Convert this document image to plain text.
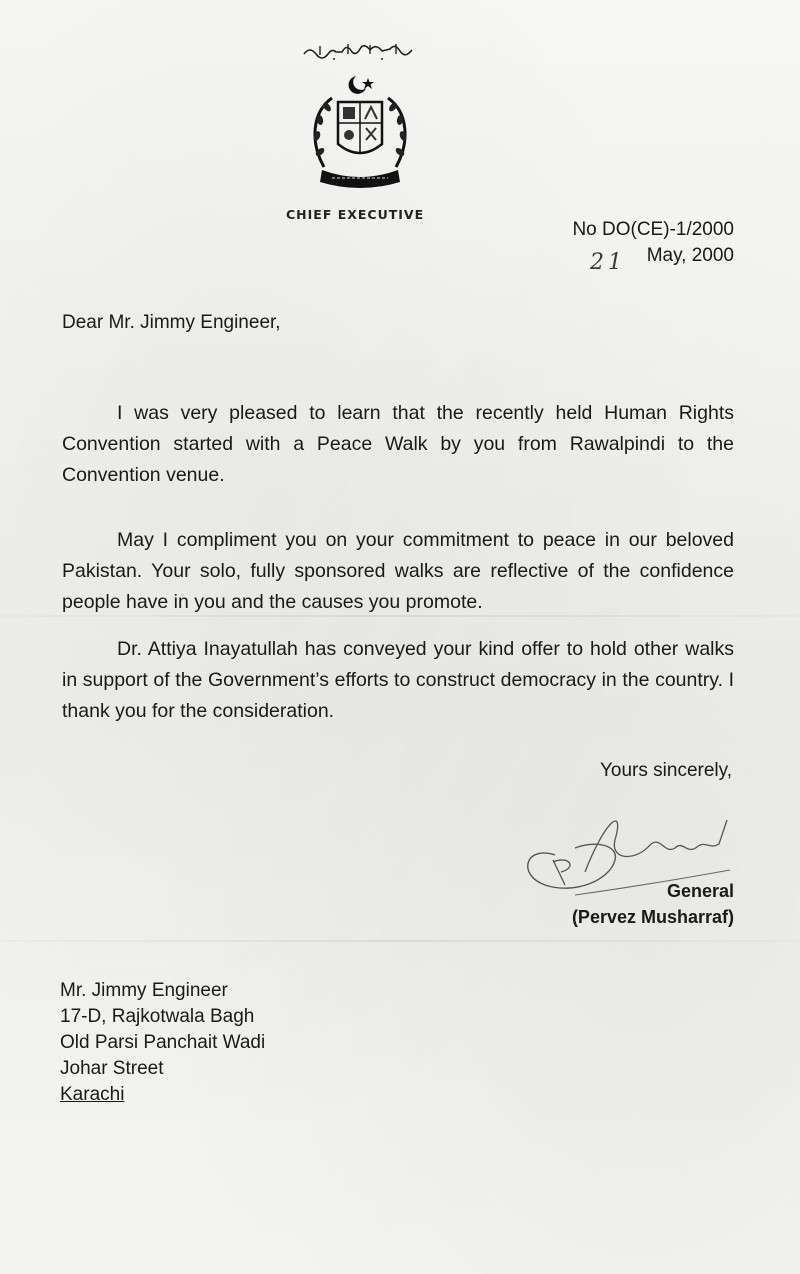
CHIEF EXECUTIVE
No DO(CE)-1/2000
May, 2000
21
Dear Mr. Jimmy Engineer,

I was very pleased to learn that the recently held Human Rights Convention started with a Peace Walk by you from Rawalpindi to the Convention venue.

May I compliment you on your commitment to peace in our beloved Pakistan. Your solo, fully sponsored walks are reflective of the confidence people have in you and the causes you promote.

Dr. Attiya Inayatullah has conveyed your kind offer to hold other walks in support of the Government’s efforts to construct democracy in the country. I thank you for the consideration.

Yours sincerely,
General
(Pervez Musharraf)
Mr. Jimmy Engineer
17-D, Rajkotwala Bagh
Old Parsi Panchait Wadi
Johar Street
Karachi
